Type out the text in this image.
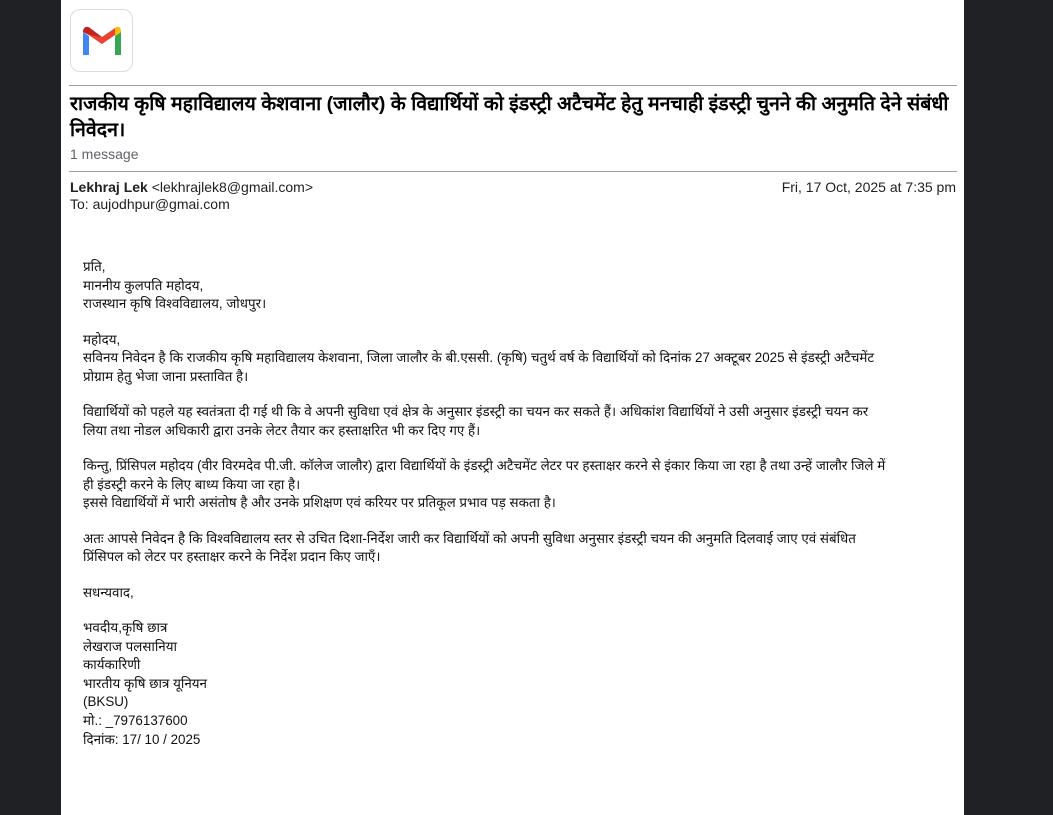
राजकीय कृषि महाविद्यालय केशवाना (जालौर) के विद्यार्थियों को इंडस्ट्री अटैचमेंट हेतु मनचाही इंडस्ट्री चुनने की अनुमति देने संबंधी निवेदन।
1 message
Lekhraj Lek <lekhrajlek8@gmail.com>	Fri, 17 Oct, 2025 at 7:35 pm
To: aujodhpur@gmai.com

प्रति,
माननीय कुलपति महोदय,
राजस्थान कृषि विश्वविद्यालय, जोधपुर।

महोदय,
सविनय निवेदन है कि राजकीय कृषि महाविद्यालय केशवाना, जिला जालौर के बी.एससी. (कृषि) चतुर्थ वर्ष के विद्यार्थियों को दिनांक 27 अक्टूबर 2025 से इंडस्ट्री अटैचमेंट
प्रोग्राम हेतु भेजा जाना प्रस्तावित है।

विद्यार्थियों को पहले यह स्वतंत्रता दी गई थी कि वे अपनी सुविधा एवं क्षेत्र के अनुसार इंडस्ट्री का चयन कर सकते हैं। अधिकांश विद्यार्थियों ने उसी अनुसार इंडस्ट्री चयन कर
लिया तथा नोडल अधिकारी द्वारा उनके लेटर तैयार कर हस्ताक्षरित भी कर दिए गए हैं।

किन्तु, प्रिंसिपल महोदय (वीर विरमदेव पी.जी. कॉलेज जालौर) द्वारा विद्यार्थियों के इंडस्ट्री अटैचमेंट लेटर पर हस्ताक्षर करने से इंकार किया जा रहा है तथा उन्हें जालौर जिले में
ही इंडस्ट्री करने के लिए बाध्य किया जा रहा है।
इससे विद्यार्थियों में भारी असंतोष है और उनके प्रशिक्षण एवं करियर पर प्रतिकूल प्रभाव पड़ सकता है।

अतः आपसे निवेदन है कि विश्वविद्यालय स्तर से उचित दिशा-निर्देश जारी कर विद्यार्थियों को अपनी सुविधा अनुसार इंडस्ट्री चयन की अनुमति दिलवाई जाए एवं संबंधित
प्रिंसिपल को लेटर पर हस्ताक्षर करने के निर्देश प्रदान किए जाएँ।

सधन्यवाद,

भवदीय,कृषि छात्र
लेखराज पलसानिया
कार्यकारिणी
भारतीय कृषि छात्र यूनियन
(BKSU)
मो.: _7976137600
दिनांक: 17/ 10 / 2025
